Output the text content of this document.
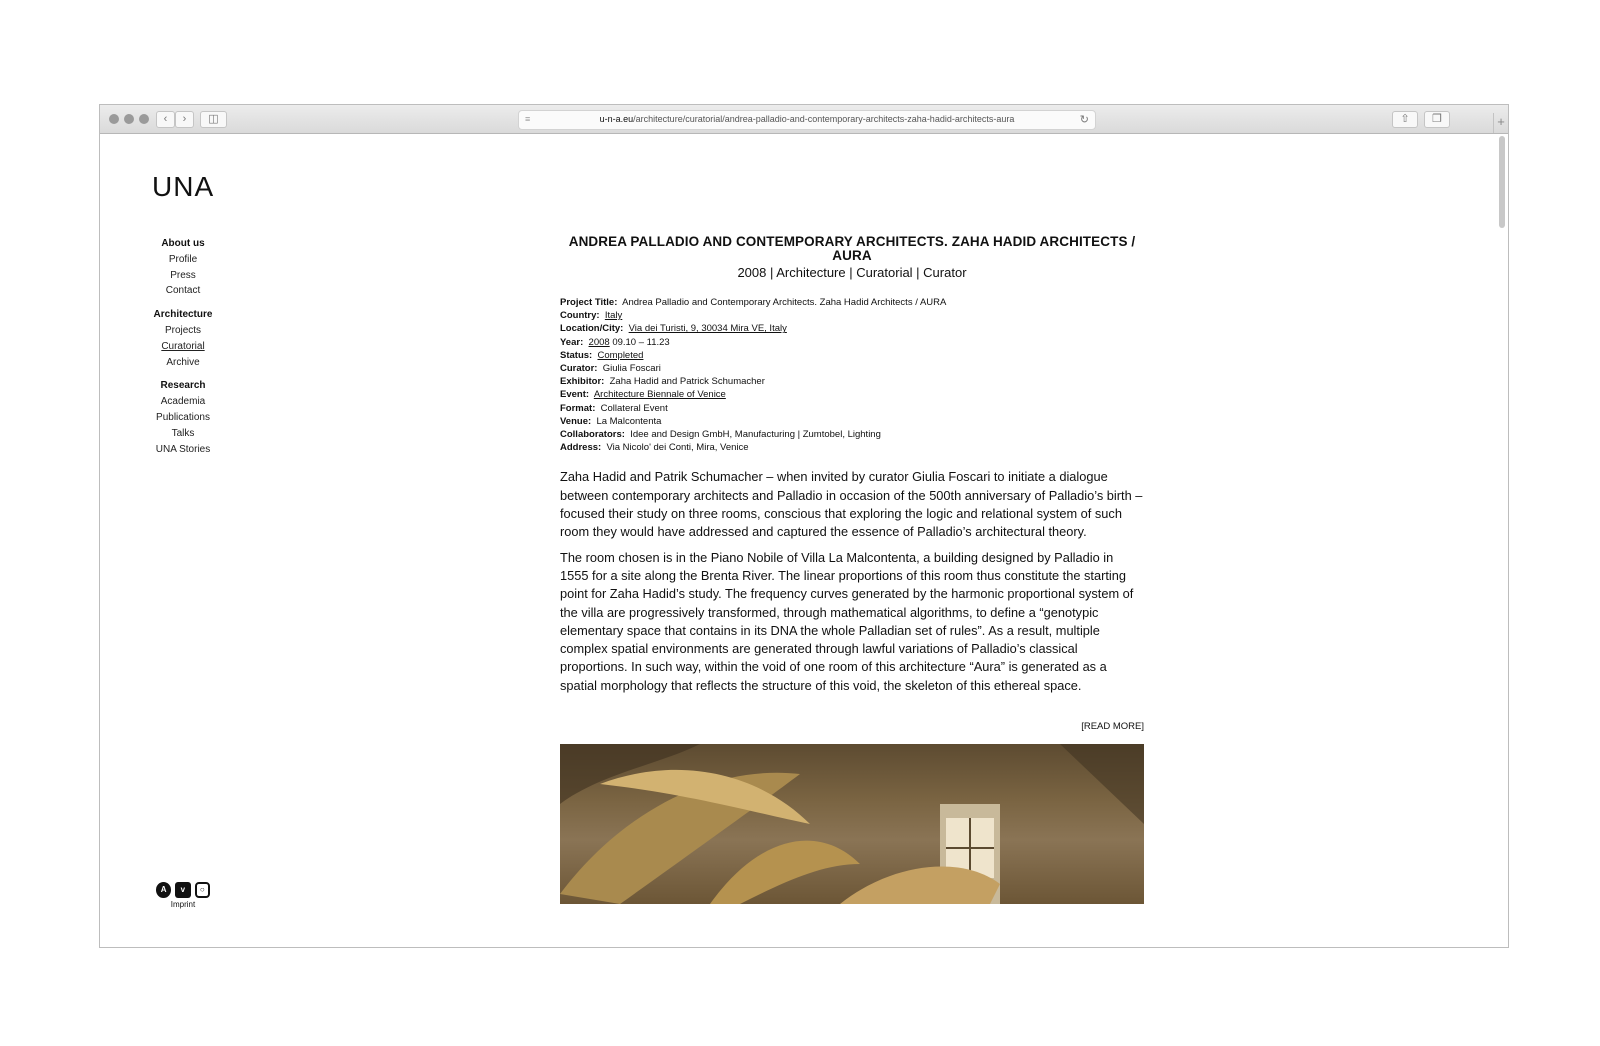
‹	›	◫	≡	u-n-a.eu/architecture/curatorial/andrea-palladio-and-contemporary-architects-zaha-hadid-architects-aura	↻	⇧	❐	+
UNA
About us
Profile
Press
Contact
Architecture
Projects
Curatorial
Archive
Research
Academia
Publications
Talks
UNA Stories
A	v	○
Imprint
ANDREA PALLADIO AND CONTEMPORARY ARCHITECTS. ZAHA HADID ARCHITECTS / AURA
2008 | Architecture | Curatorial | Curator
Project Title: Andrea Palladio and Contemporary Architects. Zaha Hadid Architects / AURA
Country: Italy
Location/City: Via dei Turisti, 9, 30034 Mira VE, Italy
Year: 2008 09.10 – 11.23
Status: Completed
Curator: Giulia Foscari
Exhibitor: Zaha Hadid and Patrick Schumacher
Event: Architecture Biennale of Venice
Format: Collateral Event
Venue: La Malcontenta
Collaborators: Idee and Design GmbH, Manufacturing | Zumtobel, Lighting
Address: Via Nicolo' dei Conti, Mira, Venice

Zaha Hadid and Patrik Schumacher – when invited by curator Giulia Foscari to initiate a dialogue between contemporary architects and Palladio in occasion of the 500th anniversary of Palladio’s birth – focused their study on three rooms, conscious that exploring the logic and relational system of such room they would have addressed and captured the essence of Palladio’s architectural theory.

The room chosen is in the Piano Nobile of Villa La Malcontenta, a building designed by Palladio in 1555 for a site along the Brenta River. The linear proportions of this room thus constitute the starting point for Zaha Hadid’s study. The frequency curves generated by the harmonic proportional system of the villa are progressively transformed, through mathematical algorithms, to define a “genotypic elementary space that contains in its DNA the whole Palladian set of rules”. As a result, multiple complex spatial environments are generated through lawful variations of Palladio’s classical proportions. In such way, within the void of one room of this architecture “Aura” is generated as a spatial morphology that reflects the structure of this void, the skeleton of this ethereal space.

[READ MORE]
